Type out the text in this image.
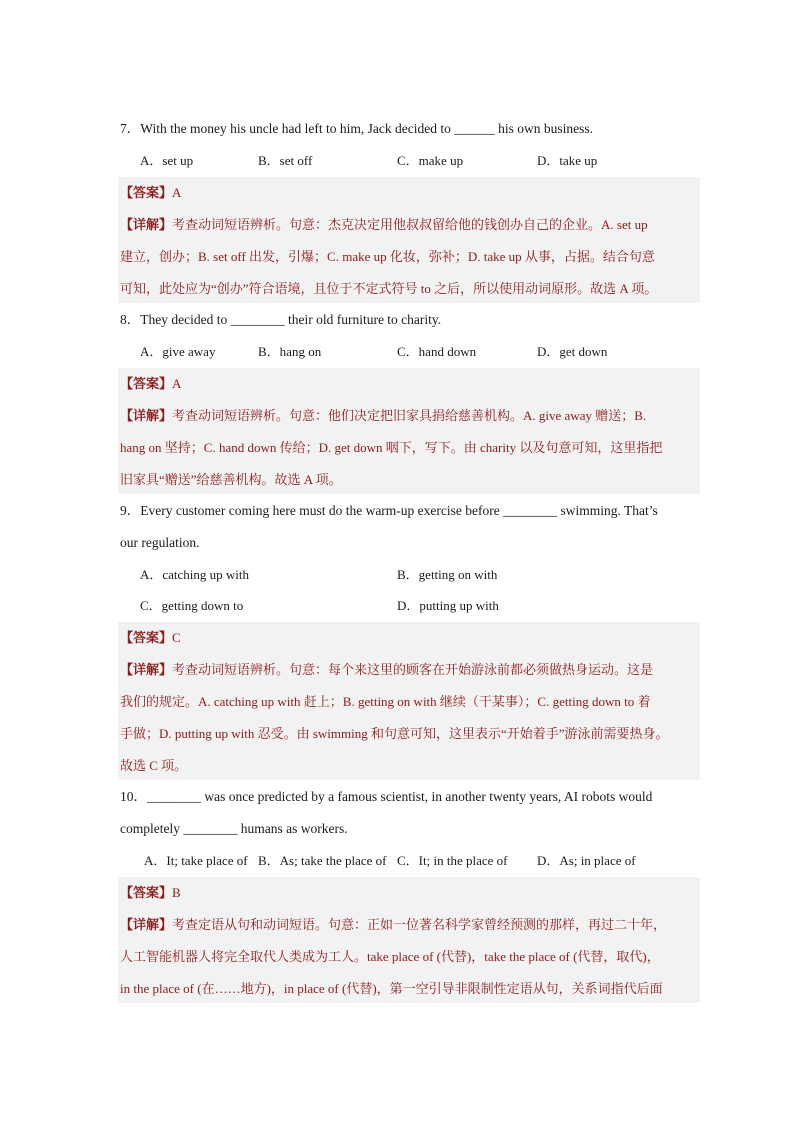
7．With the money his uncle had left to him, Jack decided to ______ his own business.
A．set up	B．set off	C．make up	D．take up
【答案】A
【详解】考查动词短语辨析。句意：杰克决定用他叔叔留给他的钱创办自己的企业。A. set up
建立，创办；B. set off 出发，引爆；C. make up 化妆，弥补；D. take up 从事，占据。结合句意
可知，此处应为“创办”符合语境，且位于不定式符号 to 之后，所以使用动词原形。故选 A 项。
8．They decided to ________ their old furniture to charity.
A．give away	B．hang on	C．hand down	D．get down
【答案】A
【详解】考查动词短语辨析。句意：他们决定把旧家具捐给慈善机构。A. give away 赠送；B.
hang on 坚持；C. hand down 传给；D. get down 咽下，写下。由 charity 以及句意可知，这里指把
旧家具“赠送”给慈善机构。故选 A 项。
9．Every customer coming here must do the warm-up exercise before ________ swimming. That’s
our regulation.
A．catching up with	B．getting on with
C．getting down to	D．putting up with
【答案】C
【详解】考查动词短语辨析。句意：每个来这里的顾客在开始游泳前都必须做热身运动。这是
我们的规定。A. catching up with 赶上；B. getting on with 继续（干某事）；C. getting down to 着
手做；D. putting up with 忍受。由 swimming 和句意可知，这里表示“开始着手”游泳前需要热身。
故选 C 项。
10．________ was once predicted by a famous scientist, in another twenty years, AI robots would
completely ________ humans as workers.
A．It; take place of B．As; take the place of C．It; in the place of D．As; in place of
【答案】B
【详解】考查定语从句和动词短语。句意：正如一位著名科学家曾经预测的那样，再过二十年，
人工智能机器人将完全取代人类成为工人。take place of (代替)，take the place of (代替，取代)，
in the place of (在……地方)，in place of (代替)，第一空引导非限制性定语从句，关系词指代后面
